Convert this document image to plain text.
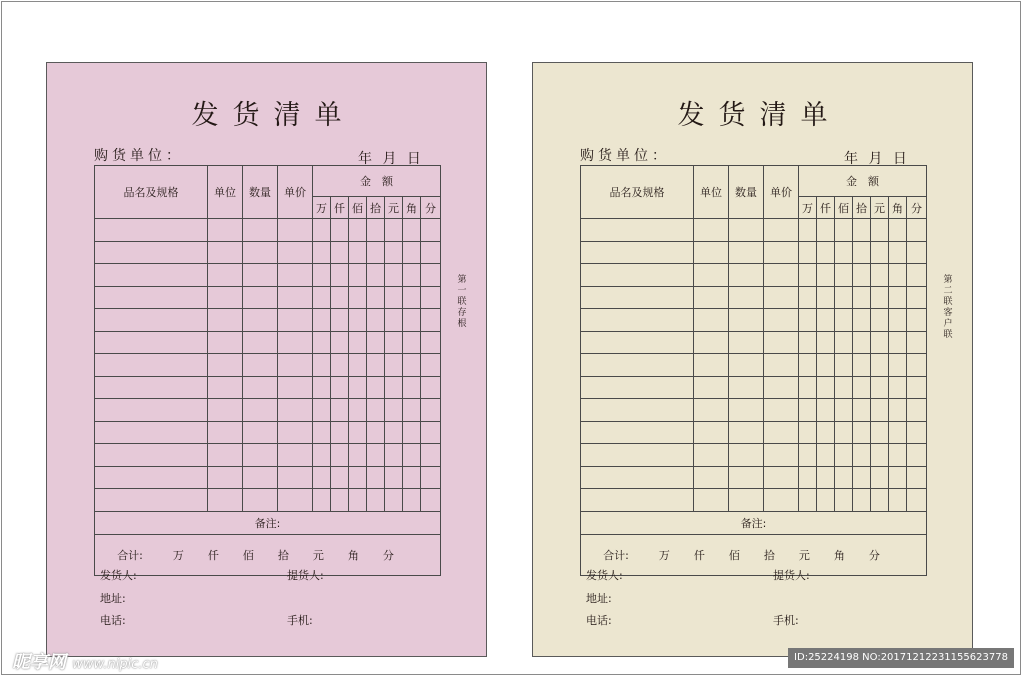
发货清单
购货单位：	年 月 日
第
一
联
存
根
品名及规格	单位	数量	单价	金　额						
				万	仟	佰	拾	元	角	分

备注:										
合计: 万 仟 佰 拾 元 角 分										
发货人:	提货人:
地址:
电话:	手机:
发货清单
购货单位：	年 月 日
第
二
联
客
户
联
品名及规格	单位	数量	单价	金　额						
				万	仟	佰	拾	元	角	分

备注:										
合计: 万 仟 佰 拾 元 角 分										
发货人:	提货人:
地址:
电话:	手机:
昵享网 www.nipic.cn	ID:25224198 NO:20171212231155623778
